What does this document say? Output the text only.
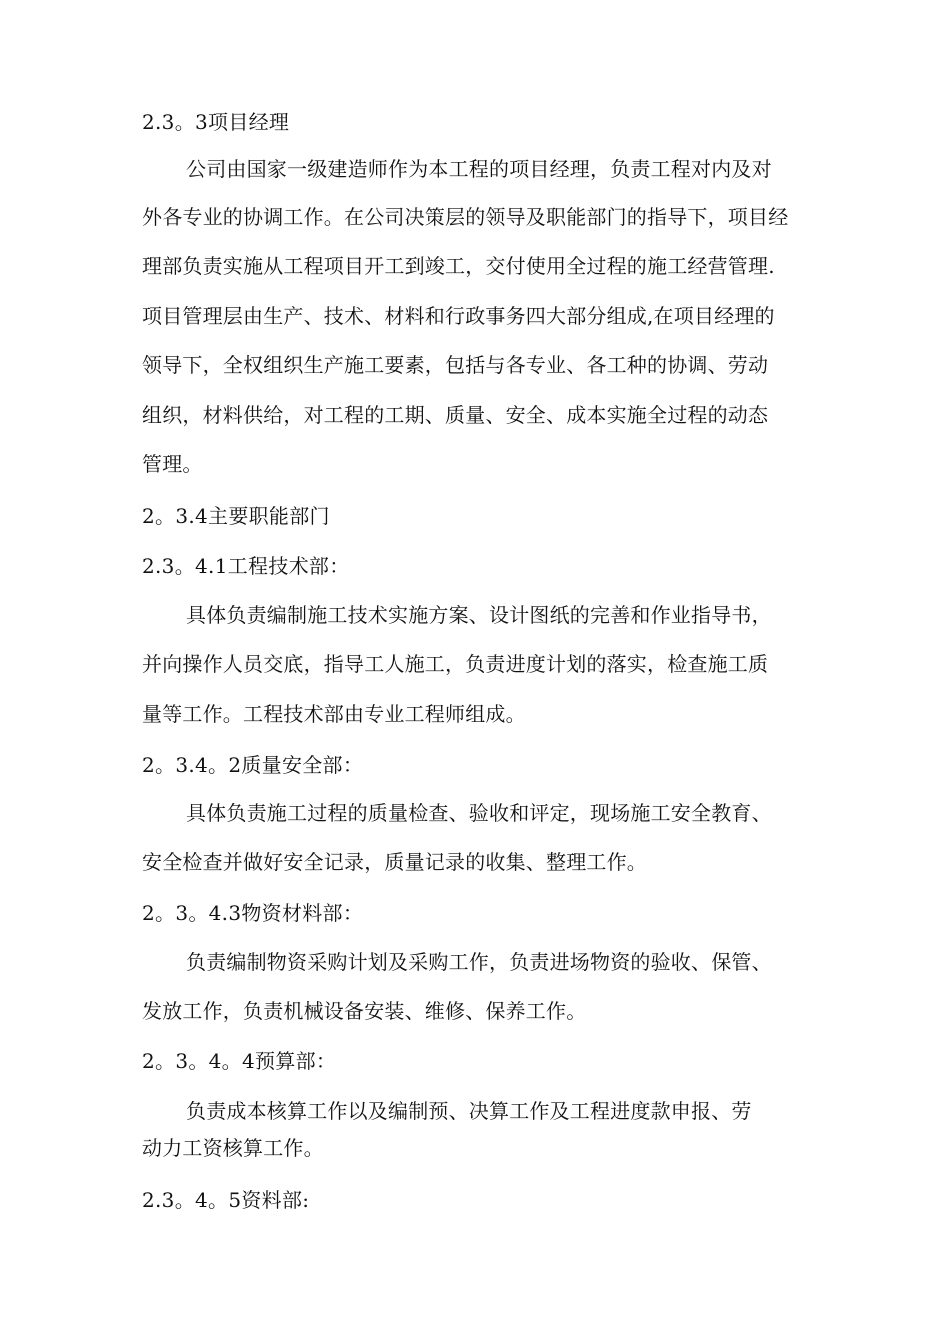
2.3。3项目经理
公司由国家一级建造师作为本工程的项目经理，负责工程对内及对
外各专业的协调工作。在公司决策层的领导及职能部门的指导下，项目经
理部负责实施从工程项目开工到竣工，交付使用全过程的施工经营管理.
项目管理层由生产、技术、材料和行政事务四大部分组成,在项目经理的
领导下，全权组织生产施工要素，包括与各专业、各工种的协调、劳动
组织，材料供给，对工程的工期、质量、安全、成本实施全过程的动态
管理。
2。3.4主要职能部门
2.3。4.1工程技术部：
具体负责编制施工技术实施方案、设计图纸的完善和作业指导书，
并向操作人员交底，指导工人施工，负责进度计划的落实，检查施工质
量等工作。工程技术部由专业工程师组成。
2。3.4。2质量安全部：
具体负责施工过程的质量检查、验收和评定，现场施工安全教育、
安全检查并做好安全记录，质量记录的收集、整理工作。
2。3。4.3物资材料部：
负责编制物资采购计划及采购工作，负责进场物资的验收、保管、
发放工作，负责机械设备安装、维修、保养工作。
2。3。4。4预算部：
负责成本核算工作以及编制预、决算工作及工程进度款申报、劳
动力工资核算工作。
2.3。4。5资料部:
